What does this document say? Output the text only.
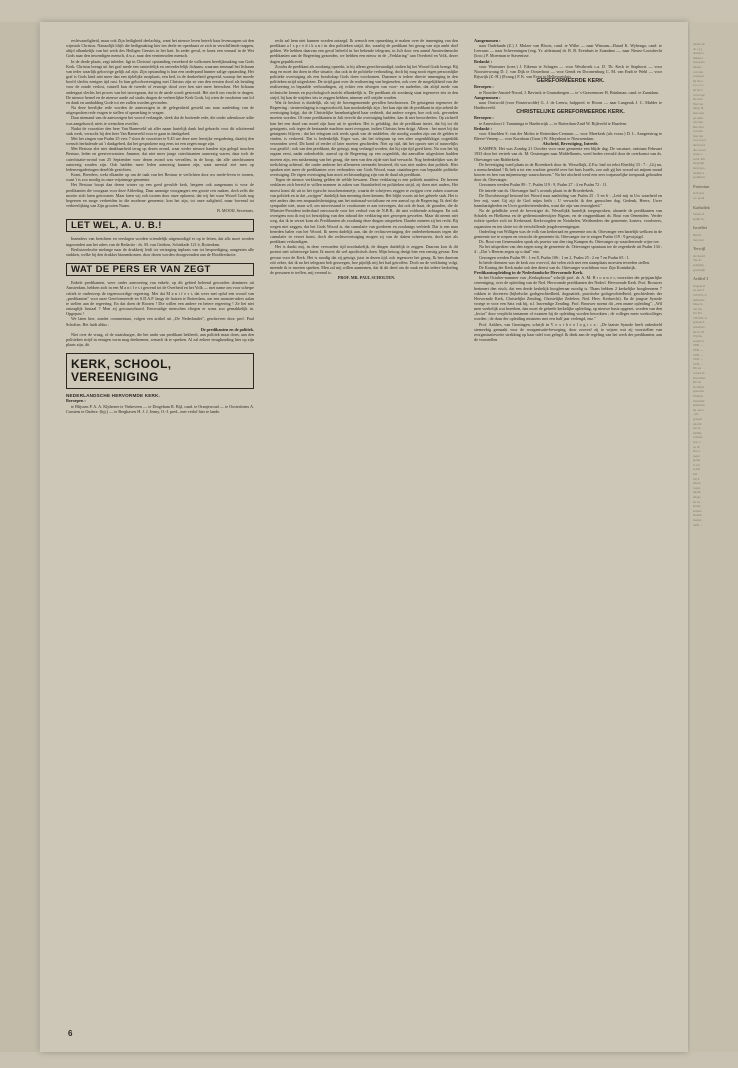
rechtvaardigheid, maar ook Zijn heiligheid deelachtig, want het nieuwe leven betreft haar levensaspen uit den wijnstok Christus. Natuurlijk blijft die heiligmaking hier ten deele en openbaart ze zich in verschillende trappen, altijd afhankelijk van het werk des Heiligen Geestes in het hart. In zeder geval, er komt een vernaal in de Wet Gods naar den inwendigen mensch, d.w.z. naar den vernieuwden mensch.

In de derde plaats, zegt inleider, ligt in Christus' opstanding verzekerd de volkomen heerlijkmaking van Gods Kerk. Christus brengt uit het graf mede een onsterfelijk en onverderfelijk lichaam, waaraan eenmaal het lichaam van ieder waarlijk geloovige gelijk zal zijn. Zijn opstanding is hun een onderpand hunner zalige opstanding. Het graf is Gods kind niet meer dan een tijdelijke rustplaats, een bed, in de donkerheid gespreid, waarop het moede hoofd slechts eenigen tijd rust. In hun geloofsvereniging met Christus zijn ze van den eersten dood als betaling voor de zonde verlost, vanzelf kan de tweede of eeuwige dood over hen niet meer heerschen. Het lichaam ondergaat slechts het proces van het tarwegraan, dat in de aarde wordt gestrooid. Het sterft om vrucht te dragen. De nieuwe hemel en de nieuwe aarde zal straks dragen de verheerlijkte Kerk Gods, bij wien de vrucheten van lof en dank en aanbidding Gode tot eer zullen worden gevonden.

Na deze heerlijke rede worden de aanwezigen in de gelegenheid gesteld om naar aanleiding van de uitgesproken rede vragen te stellen of opmerking te vragen.

Daar niemand van de aanwezigen het woord verlangde, sleek dat de boeiende rede, die onder ademlooze stilte was aangehoord, niets te wenschen overliet.

Nadat de voorzitter den heer Van Barneveld uit aller naam hartelijk dank had gebracht voor dit schitterend stuk werk, verzocht hij den heer Van Barneveld voor te gaan in dankgebed.

Met het zingen van Psalm 25 vers 7 sloot de voorzitter te 9.45 ure deze zeer leerrijke vergadering, daarbij den wensch herhalende uit 't dankgebed, dat het gesprokene nog eens tot een zegen moge zijn.

Met Bestuur zlet niet dankbaarheid terug op dezen avond, waar weder nieuwe banden zijn gelegd tusschen Bestuur, leden en geestverwanten. Jammer, dat niet meer jonge catechisanten aanwezig waren, daar toch de catechisatie-avond van 25 September voor dezen avond was vervallen, in de hoop, dat alle catechisanten aanwezig zouden zijn. Ook hadden meer leden aanwezig kunnen zijn, want meestal ziet men op ledenvergaderingen dezelfde gezichten.

Komt, Breeders, wekt elkander op om de taak van het Bestuur te verlichten door uw mede-leven te toonen, want 't is zoo noodig in onze vrijzinnige gemeente.

Het Bestuur hoopt dan dezen winter op een goed gevulde kerk, betgeen ook aangenaam is voor de predikanten die voorgaan voor deze Afdeeling. Daar aanmige voorgangers een groote reis maken, doch zelfs die moeite zich laten getroosten. Maar laten wij ook toonen door onze opkomst, dat wij het waar Woord Gods nog begeeren en moge verbreiden in die moderne gemeente, kon het zijn, tot onze zaligheid, maar bovenal tot verheerlijking van Zijn grooten Naam.

B. MOOIJ, Secretaris.

LET WEL, A. U. B.!

Inzenders van berichten en verslagen worden vriendelijk uitgenoodigd er op te letten, dat alls moet worden ingezonden aan het adres van de Redactie : ds. M. van Grieken, Schiekade 121 b, Rotterdam.

Beslistzoekscbe melange naar de drukkerij leidt tot vertraging inplaats van tot bespoediging, aangezien alle stukken, welke bij den drukker binnenkomen, door dezen worden doorgezonden aan de Hoofdredactie.

WAT DE PERS ER VAN ZEGT

Enkele predikanten, weer onder aanvoering van enkele, op dit gebied beleend geworden dominees uit Amsterdam, hebben zich in een M a n i f e s t gewend tot de Overheid en het Volk — met name om voor scherpe critiek te onderwerp de tegenwoordige regeering. Met dat M a n i f e s t, dat weer met opluf een woord van „predikanten" voor onze Gereformeerde en S.D.A.P. langs de huizen te Rotterdam, om een monster-adres aalan te stellen aan de regeering. En dat doen de Rooten ! Die willen een andere en betere regeering ! Ze het niet ontzaglijk brutaal ? Men zij gewaarschuwd. Eenvoudige menschen vliegen er soms zoo gemakkelijk in. Opgepast !

We laten hier, zonder commentaar, volgen een artikel uit „De Nederlander", geschreven door prof. Paul Scholten. Het luidt aldus :

De predikanten en de politiek.

Niet over de vraag, of de staatsburger, die het ambt van predikant bekleedt, aan politiek maar doen, aan den politieken strijd in eenigen vorm mag deelnemen, wenach ik te spreken. Al zal zekere terughouding hier op zijn plaats zijn, dit

KERK, SCHOOL, VEREENIGING

NEDERLANDSCHE HERVORMDE KERK.

Beroepen :

te Blijssen P. A. A. Kljdsener te Vinkeveen — te Drogeham R. Bijl, cand. te Oranjewoud — te Oosterittens A. Carstens te Oudera -(bjj.) — te Berghaven H. J. J. Jenny, O.-I. pred., met verlof hier te lande.

recht aal hem niet kunnen worden ontzegd. Ik wensch een opmerking te maken over de inmenging van den predikant a l s p r e d i k a n t in den politieken strijd, die, waarbij de predikant het gezag van zijn ambt doel gelden. We hebben daarvan een geval beleefd in het bekende telegram, in Juli door een aantal Amsterdamsche predikanten aan de Regeering gezonden, we hebben een nieuw in de „Verklaring" aan Overheid en Volk, dezer dagen gepubliceerd.

Zoodra de predikant als zoodanig opzeekt, is hij alleen gerechtvaardigd, indien hij het Woord Gods brengt. Bij mag en moet dat doen in elke situatie, dus ook in de politieke verhouding, doch hij mag nooit eigen persoonlijke politieke overtuiging als een boodschap Gods doen voorkomen. Daarmee is iedere directe inmenging in den politieken strijd uitgesloten. De strijd gaat over de realiseering van beginselen, ook over de mogelijkheid van die realiseering in bepaalde verhoudingen, zij echter een afwegen van voor- en nadeelen, dat altijd mede van technische kennis en psychologisch inzicht afhankelijk is. De predikant als zoodanig staat tegenover iets in den strijd, hij kan de strijders iets te zeggen hebben, nimmer zelf strijder worden.

Wat ik besloot is duidelijk, als wij de bovengenoemde gevallen beschouwen. De getuigenis tegenover de Regeering : steunverlaging is ongeoorloofd, kan noodzakelijk zijn ; het kan zijn dat de predikant in zijn arbeid de overtuiging krijgt, dat de Christelijke barmhartigheid haar verbiedt, dat andere wegen, hoe ook ook, gevonden moeten worden. Of onze predikanten in Juli terecht die overtuiging hadden, kan ik niet beoordeelen. Op zichzelf kan het een daad van moed zijn haar uit te spreken. Het is gelukkig, dat de predikant inziet, dat hij tot dit getuigenis, ook tegen de bestaande machten moet overgaan, indien Christus hem drijgt. Alleen : het moet bij dat getuigenis blijven ; dat het telegram ook reeds sprak van de middelen, die noodig zouden zijn om de gelden te vinden, is verkeerd. Dat is bedenkelijk. Erger was, dat het telegram op een alter oogenblikkigst oogenblik verzonden werd. Dit kond of eerder of later moeten geschieden. Niet op tijd, dat het oproer niet of nauwelijks was gestild ; ook van den predikant, die getuigt, mag verlangd worden, dat hij zijn tijd goed kiest. Nu was het hij orgaan eerst, nadat onbedoelde, aanval op de Regeering op een oogenblik, dat aanvallen uitgesloten hadden moeten zijn, een miskenning van het gezag, die men van den zijde niet had verwacht. Nog bedenkelijker was de toelichting achteraf, die onder anderen het allermeen steenzeht bestreed, dit was niet anders dan politiek. Hier spraken niet meer de predikanten over verbonders van Gods Woord, maar staatsburgers van bepaalde politieke overtuiging. De eigen overtuiging kan nooit rechtvaardiging zijn van de daad als predikant.

Tegen de nieuwe verklaring gelden de zelfde bewaren. Deze verklaring is een politiek manifest. De heeren verklaren zich bereid te willen mannen in zaken van Staatsbeleid en politieken strijd, zij doen niet anders, Het moest komt dit uit in het typische tusschenzinnetje, waarin de schrijvers zeggen te zwijgen over zaken waarvan van politiek en in dat „zwijgen" duidelijk hun meening doen kennen, Het blijkt voorts uit het geheele stuk. Het is niet anders dan een ampaashtsbetuiging aan het nationaal-socialisme en een aanval op de Regeering. Ik deel die sympathie niet, maar wil, om misverstand te voorkomen er aan toevoegen, dat ook de haat, de gronden, die de Minister-President inderdaad ontvouwde voor het verbod van de N.B.B., dit niet voldoende acbtagen. En ook overigens nou ik mij tot bestrijding van den inhoud der verklaring niet gerovpen gevoelen. Maar dit neemt niet weg, dat ik in verzet kom als Predikanten als zoodanig deze dingen uitspreken. Daarbe mineen zij het recht. Bij wegen niet zeggen, dat het Gods Woord is, dat cumulatie van goederen en zoodanigs verbiedt. Dat is een naar beneden halen van het Woord. Ik neem dadelijk aan, dat de rechtsovertuiging der onderbeekemaars tegen die cumulatie in verzet komt, doch die rechtsovertuiging mogen zij van de daken schreeuwen, doch niet als predikant verkondigen.

Het is dunkt mij, in deze verwarden tijd noodzakelijk, de dingen duidelijk te zeggen. Daarom kon ik dit protest niet achterwege laten. Ik moest dit wel apodictisch doen. Mijn betoog dreigt hier een ernstig gevaar. Een gevaar voor de Kerk. Het is noodig dat zij getuigt, juist in dezen tijd, ook tegenover het gezag. Ik ben daarvan zóó zeker, dat ik na het telegram heb gezwegen, hoe pijnlijk mij het had getroffen. Doch nu de verklaring volgt, meende ik te moeten spreken. Men zal mij willen aannemen, dat ik dit deed om de zaak en dat iedere bedoeling de personen te treffen, mij vreemd is.

PROF. MR. PAUL SCHOLTEN.

Aangenomen :

naar Oudelande (Z.) J. Mulzer van Bloois, cand. te Wilke — naar Winsum—Baard K. Wybenga, cand. te Leersum — naar Scheveningen (vng. Yr. afdeiman) dr. R. B. Evenhuis te Zaandam —. naar Nieuw-Loosdrecht (loco.) P. Moerman te Stavenisse.

Bedankt :

voor Wormmer (toez.) J. Eikema te Schagen — voor Westbroek c.a. D. Th. Keck te Staphorst — voor Noorsterwrang D. J. van Dijk te Oosterhout — voor Gendt en Doornenburg C. M. van Endt te Wehl — voor Rijswijk (Z.-H.) (Evang.) P. K. van Evert te Hellevoetsluis.

GEREFORMEERDE KERK.

Beroepen :

te Noorder-Amstel-Noord, J. Bavinck te Gramabergen — te 's-Gravenmoer H. Brinkman, cand. te Zaandam.

Aangenomen :

naar Oostwold (voor Finsterwolde) G. J. de Leeuw, hulppred. te Hoorn — naar Langerak J. C. Mulder te Hardinxveld.

CHRISTELIJKE GEREFORMEERDE KERK.

Beroepen :

te Amersfoort J. Tamminga te Harderwijk — te Rotterdam-Zuid W. Bijleveld te Haarlem.

Bedankt :

voor Almelden S. van der Molen te Rotterdam-Centrum — voor Meerkerk (als voorz.) D. L. Aangeestrug te Bleere-Veneep — voor Kornhorn (Gron.) W. Meynhout te Nieuwendam.

Afscheid, Bevestiging, Intrede.

KAMPEN. Het was Zondag 21 October voor onze gemeente een blijde dag. De vacature, ontstaan Februari 1933 door het vertrek van ds. M. Oosterngen naar Middelharnis, werd heden vervuld door de overkomst van ds. Ottevanger van Ridderkerk.

De bevestiging vond plaats in de Bovenkerk door ds. Wesselkijk, Z.Ew. had tot tekst Ehechbj 33 : 7 : „Gij nu, o menschenkind ! Ik heb u tot een wachter gesteld over het huis Israëls, zoo zult gij het woord uit mijnen mond hooren en hen van mijnentwege waarschuwen." Na het afscheid werd een zeer toepasselijke toespraak gehouden door ds. Ottevanger.

Gezonnen werden Psalm 89 : 7, Psalm 119 : 9, Psalm 27 : 4 en Psalm 72 : 11.

De intrede van ds. Ottevanger had 's avonds plaats in de Broederkerk.

De Doowbezorgd bestond het Woord naar aanleiding van Psalm 25 : 5 en 6 : „Leid mij in Uw waarheid en leer mij, want Gij zijt de God mijns heils ; U verwacht ik den gansschen dag. Gedenk, Heere, Uwer barmhartigheden en Uwer goedertierenheden, want die zijn van eeuwigheid."

Na de gehdlishe werd de bevestiger ds. Wesselijkk hartelijk toegesproken, alsmede de predikanten van Schalek en Hielkema en de gedienstonderwijzer Bigsen, en de ringpredikant ds. Bout van Oeneniden. Verder richtte spreker zich tot Kerkeraad, Kerkvoogden en Notabelen, Weithonders der gemeente, kosters, voorlezers, organisten en ten slotte tot de verschillende jeugdvereenigingen.

Onderling van Willigen was de volk van kerkeraad en gemeente om ds. Ottevanger een hartelijk welkom in de gemeente toe te roepen en verzocht de gemeente ds. Ottevanger toe te zingen Psalm 119 : 9 gewijzigd.

Ds. Bout van Genemuiden sprak als praetor van den ring Kampen ds. Ottevanger op waardeerende wijze toe.

Na het uitspreken van den zegen zong de gemeente ds. Ottevanger spontaan toe de zegenbede uit Psalm 134 : 4 : „Dat 's Heeren zegen op u daal" enz.

Gezongen werden Psalm 99 : 1 en 8, Psalm 106 : 1 en 2, Psalm 25 : 2 en 7 en Psalm 65 : 1.

In beide diensten was de kerk zoo overvol, dat velen zich met een staanplaats moesten tevreden stellen.

De Koning der Kerk make ook den dienst van ds. Ottevanger vruchtbaar voor Zijn Koninkrijk.

Predikantsopleiding in de Nederlandsche Hervormde Kerk.

In het October-nummer van „Kerkophouw" schrijft prof. dr. A. M. B r o u w e r, voorzitter der prijsjaarlijke vereeniging, over de opleiding van de Ned. Hervormde predikanten der Nederl. Hervormde Kerk. Prof. Brouwer herinnert den eisch, dat een derde kerkelijk hoogleeraar noodig is. Thans hebben 2 kerkelijke hoogleeraren 7 vakken te doceeren (bijbelsche godsgeschiedheid, dogmatiek, practische godsgeschiedheid, geschiedenis der Hervormde Kerk, Christelijke Zending, Christelijke Zedeleer, Ned. Herv. Kerkrecht). En de jongste Synode vroege er voor een Satz vak bij, n.l. Inwendige Zending. Prof. Brouwer noemt dit „een onane opleiding". „Wil men werkelijk wat bereiken, dan moet de geheele kerkelijke opleiding, op nieuwe basis opgezet, worden van den „lector" door verplicht tentamen of examen bij de opleiding worden berookten ; de colleges meer werkcolleges worden ; de duur der opleiding minstens met een half jaar verlengd, enz."

Prof. Aalders, van Groningen, schrijft in V o x t h e o l o g i c a : „De laatste Synode heeft onbedoeld steenrebig gemaakt voor de reorganisatie-beweging, door zooverf zij te wijzen wat zij voorstellen van reorganisatiewette strekking op haar tafel was gelegd. Ik denk aan de regeling van het werk der predikanten, aan de voorstellen

6
inzake de
de o p j
destein z
lidkaas i
leeropdra
missie :
wat dies
schappel
bij het o
b e r e i c
nu het v
verworpe
De stud
Niet ten
ming. Ik
han eerst
en ander
dat aller
hun stud
van den
haar gru
voor nood
die hoofd
die woord
plaats v
werk. Ma
mogelijk
het propa
leiding d
predikant
Protestan
zich praa
a.s. predi
Katholiek
Sterke af
kelijk lev
Israëliet
Bij het
men niet
Terwijl
der hoofd
Van Ar
geniging
gesteldijk
Artikel 3
Oogenvol
de stad Z
510.853, to
dubbelde
Maar m
Ver het
Tot Prz
136.920, la
genoeg h
testantsel
die in 18
Wij me
staatje is
1889 ....
1899 ....
1909 ....
1920 ....
1930 ....
Dit sta
wonen in
Procentue
Dit sta
hoofdkla
geloofde.
Waarbij
Statistiek
Renteneu
bij ook z
„Vie
graspal
reform
der de
leiding
schrede
sies, a
op de
Dat w
tegen
grond
te ver
actief
Ind
wij h
alleen
Ceuat
midde
aflega
ter be
Kerke
zestien
houdin
landen
1905 ...
